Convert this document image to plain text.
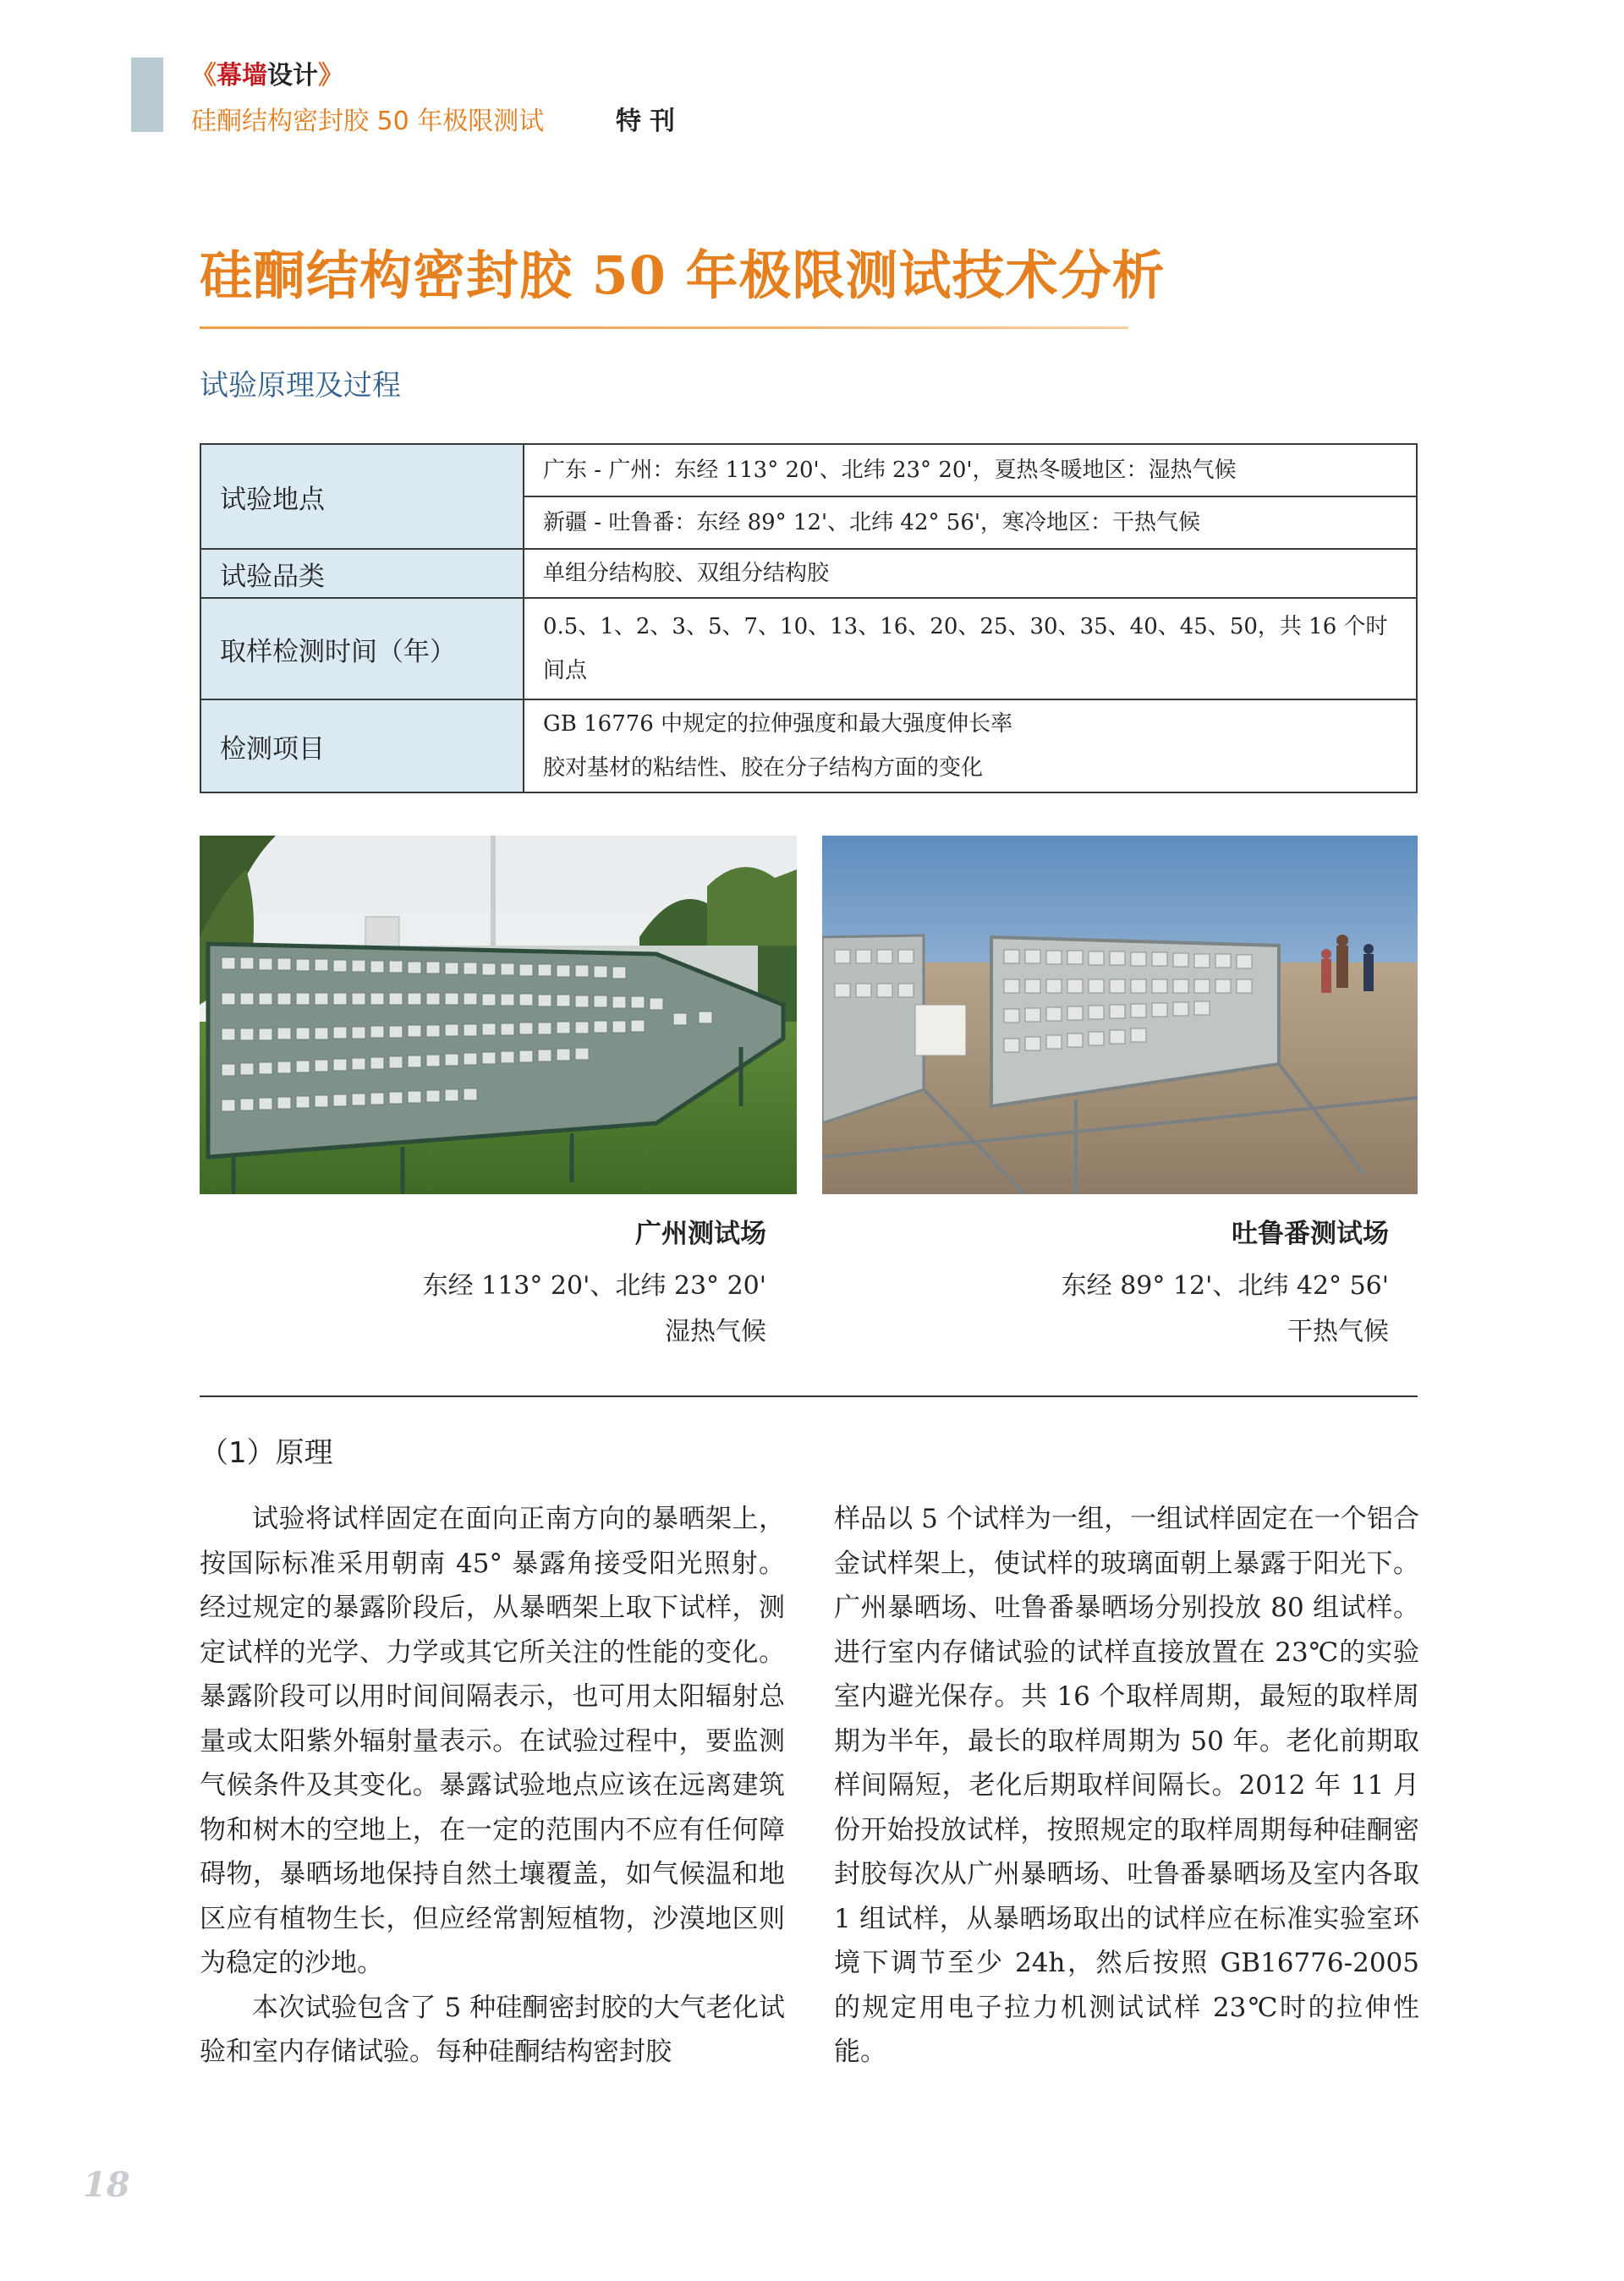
《幕墙设计》
硅酮结构密封胶 50 年极限测试	特刊
硅酮结构密封胶 50 年极限测试技术分析
试验原理及过程
试验地点	广东 - 广州：东经 113° 20'、北纬 23° 20'，夏热冬暖地区：湿热气候
	新疆 - 吐鲁番：东经 89° 12'、北纬 42° 56'，寒冷地区：干热气候
试验品类	单组分结构胶、双组分结构胶
取样检测时间（年）	0.5、1、2、3、5、7、10、13、16、20、25、30、35、40、45、50，共 16 个时间点
检测项目	GB 16776 中规定的拉伸强度和最大强度伸长率
胶对基材的粘结性、胶在分子结构方面的变化
广州测试场
东经 113° 20'、北纬 23° 20'
湿热气候
吐鲁番测试场
东经 89° 12'、北纬 42° 56'
干热气候
（1）原理

试验将试样固定在面向正南方向的暴晒架上，按国际标准采用朝南 45° 暴露角接受阳光照射。经过规定的暴露阶段后，从暴晒架上取下试样，测定试样的光学、力学或其它所关注的性能的变化。暴露阶段可以用时间间隔表示，也可用太阳辐射总量或太阳紫外辐射量表示。在试验过程中，要监测气候条件及其变化。暴露试验地点应该在远离建筑物和树木的空地上，在一定的范围内不应有任何障碍物，暴晒场地保持自然土壤覆盖，如气候温和地区应有植物生长，但应经常割短植物，沙漠地区则为稳定的沙地。

本次试验包含了 5 种硅酮密封胶的大气老化试验和室内存储试验。每种硅酮结构密封胶

样品以 5 个试样为一组，一组试样固定在一个铝合金试样架上，使试样的玻璃面朝上暴露于阳光下。广州暴晒场、吐鲁番暴晒场分别投放 80 组试样。进行室内存储试验的试样直接放置在 23℃的实验室内避光保存。共 16 个取样周期，最短的取样周期为半年，最长的取样周期为 50 年。老化前期取样间隔短，老化后期取样间隔长。2012 年 11 月份开始投放试样，按照规定的取样周期每种硅酮密封胶每次从广州暴晒场、吐鲁番暴晒场及室内各取 1 组试样，从暴晒场取出的试样应在标准实验室环境下调节至少 24h，然后按照 GB16776-2005 的规定用电子拉力机测试试样 23℃时的拉伸性能。

18
